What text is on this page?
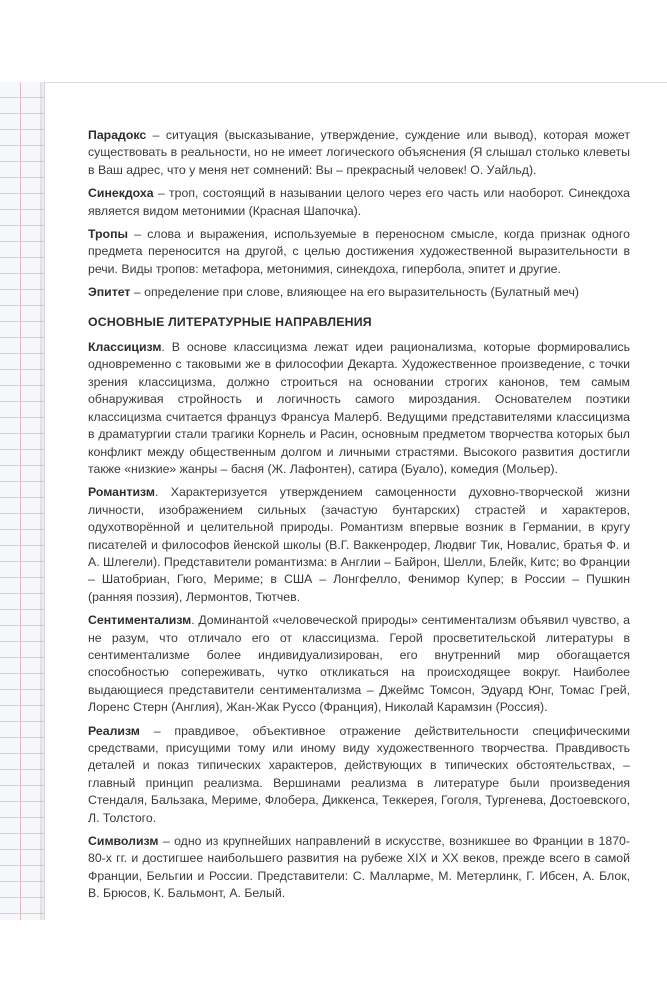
Парадокс – ситуация (высказывание, утверждение, суждение или вывод), которая может существовать в реальности, но не имеет логического объяснения (Я слышал столько клеветы в Ваш адрес, что у меня нет сомнений: Вы – прекрасный человек! О. Уайльд).

Синекдоха – троп, состоящий в назывании целого через его часть или наоборот. Синекдоха является видом метонимии (Красная Шапочка).

Тропы – слова и выражения, используемые в переносном смысле, когда признак одного предмета переносится на другой, с целью достижения художественной выразительности в речи. Виды тропов: метафора, метонимия, синекдоха, гипербола, эпитет и другие.

Эпитет – определение при слове, влияющее на его выразительность (Булатный меч)

ОСНОВНЫЕ ЛИТЕРАТУРНЫЕ НАПРАВЛЕНИЯ

Классицизм. В основе классицизма лежат идеи рационализма, которые формировались одновременно с таковыми же в философии Декарта. Художественное произведение, с точки зрения классицизма, должно строиться на основании строгих канонов, тем самым обнаруживая стройность и логичность самого мироздания. Основателем поэтики классицизма считается француз Франсуа Малерб. Ведущими представителями классицизма в драматургии стали трагики Корнель и Расин, основным предметом творчества которых был конфликт между общественным долгом и личными страстями. Высокого развития достигли также «низкие» жанры – басня (Ж. Лафонтен), сатира (Буало), комедия (Мольер).

Романтизм. Характеризуется утверждением самоценности духовно-творческой жизни личности, изображением сильных (зачастую бунтарских) страстей и характеров, одухотворённой и целительной природы. Романтизм впервые возник в Германии, в кругу писателей и философов йенской школы (В.Г. Ваккенродер, Людвиг Тик, Новалис, братья Ф. и А. Шлегели). Представители романтизма: в Англии – Байрон, Шелли, Блейк, Китс; во Франции – Шатобриан, Гюго, Мериме; в США – Лонгфелло, Фенимор Купер; в России – Пушкин (ранняя поэзия), Лермонтов, Тютчев.

Сентиментализм. Доминантой «человеческой природы» сентиментализм объявил чувство, а не разум, что отличало его от классицизма. Герой просветительской литературы в сентиментализме более индивидуализирован, его внутренний мир обогащается способностью сопереживать, чутко откликаться на происходящее вокруг. Наиболее выдающиеся представители сентиментализма – Джеймс Томсон, Эдуард Юнг, Томас Грей, Лоренс Стерн (Англия), Жан-Жак Руссо (Франция), Николай Карамзин (Россия).

Реализм – правдивое, объективное отражение действительности специфическими средствами, присущими тому или иному виду художественного творчества. Правдивость деталей и показ типических характеров, действующих в типических обстоятельствах, – главный принцип реализма. Вершинами реализма в литературе были произведения Стендаля, Бальзака, Мериме, Флобера, Диккенса, Теккерея, Гоголя, Тургенева, Достоевского, Л. Толстого.

Символизм – одно из крупнейших направлений в искусстве, возникшее во Франции в 1870-80-х гг. и достигшее наибольшего развития на рубеже XIX и XX веков, прежде всего в самой Франции, Бельгии и России. Представители: С. Малларме, М. Метерлинк, Г. Ибсен, А. Блок, В. Брюсов, К. Бальмонт, А. Белый.
